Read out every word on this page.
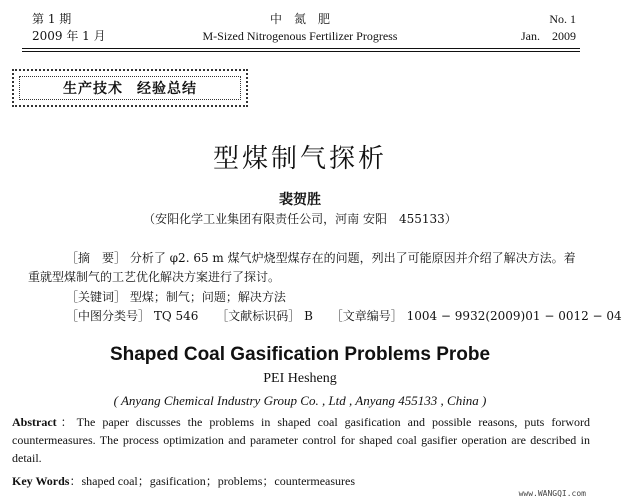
第 1 期
2009 年 1 月
中　氮　肥
M-Sized Nitrogenous Fertilizer Progress
No. 1
Jan.　2009
生产技术 经验总结
型煤制气探析
裴贺胜
（安阳化学工业集团有限责任公司，河南 安阳　455133）
［摘　要］ 分析了 φ2. 65 m 煤气炉烧型煤存在的问题，列出了可能原因并介绍了解决方法。着
重就型煤制气的工艺优化解决方案进行了探讨。
［关键词］ 型煤；制气；问题；解决方法
［中图分类号］ TQ 546 ［文献标识码］ B ［文章编号］ 1004 − 9932(2009)01 − 0012 − 04
Shaped Coal Gasification Problems Probe
PEI Hesheng
( Anyang Chemical Industry Group Co. , Ltd , Anyang 455133 , China )
Abstract：The paper discusses the problems in shaped coal gasification and possible reasons, puts forword countermeasures. The process optimization and parameter control for shaped coal gasifier operation are described in detail.
Key Words：shaped coal；gasification；problems；countermeasures
www.WANGQI.com
